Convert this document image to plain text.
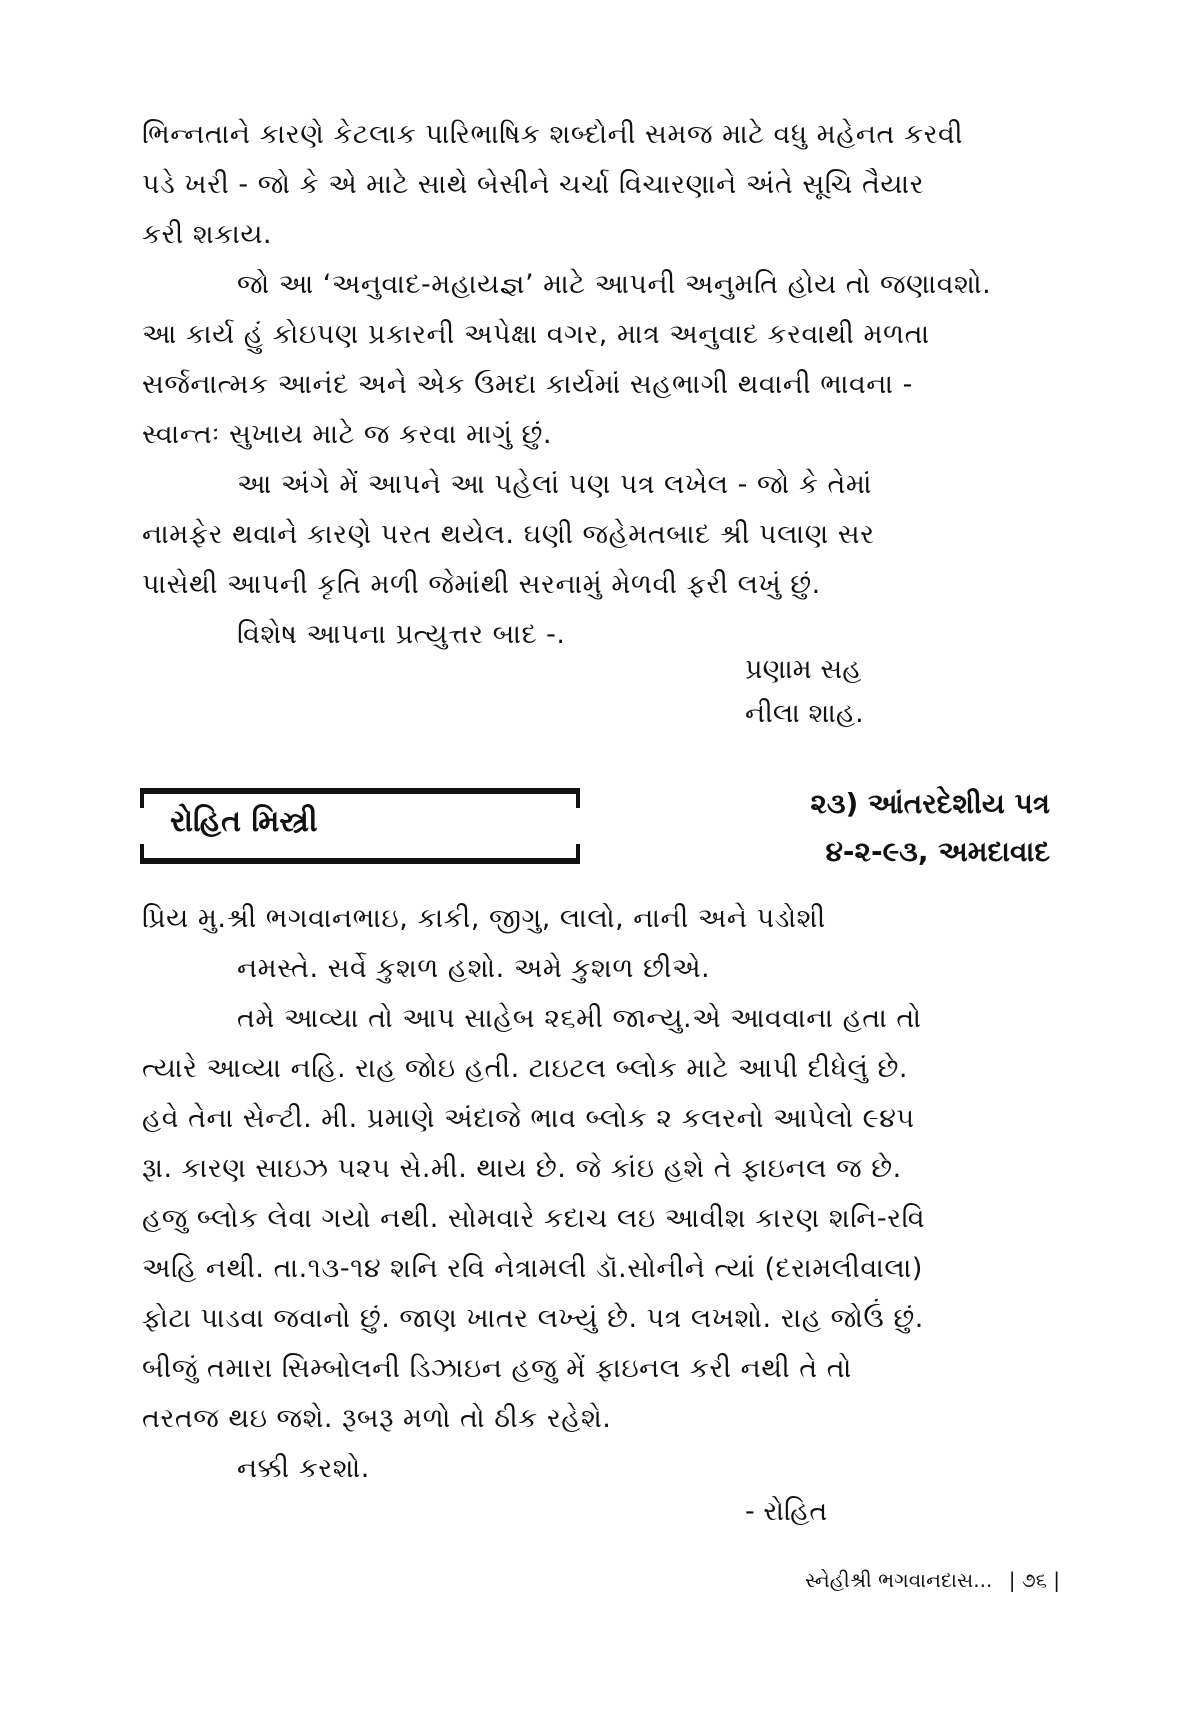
ભિન્નતાને કારણે કેટલાક પારિભાષિક શબ્દોની સમજ માટે વધુ મહેનત કરવી
પડે ખરી - જો કે એ માટે સાથે બેસીને ચર્ચા વિચારણાને અંતે સૂચિ તૈયાર
કરી શકાય.
જો આ ‘અનુવાદ-મહાયજ્ઞ’ માટે આપની અનુમતિ હોય તો જણાવશો.
આ કાર્ય હું કોઇપણ પ્રકારની અપેક્ષા વગર, માત્ર અનુવાદ કરવાથી મળતા
સર્જનાત્મક આનંદ અને એક ઉમદા કાર્યમાં સહભાગી થવાની ભાવના -
સ્વાન્તઃ સુખાય માટે જ કરવા માગું છું.
આ અંગે મેં આપને આ પહેલાં પણ પત્ર લખેલ - જો કે તેમાં
નામફેર થવાને કારણે પરત થયેલ. ઘણી જહેમતબાદ શ્રી પલાણ સર
પાસેથી આપની કૃતિ મળી જેમાંથી સરનામું મેળવી ફરી લખું છું.
વિશેષ આપના પ્રત્યુત્તર બાદ -.
પ્રણામ સહ
નીલા શાહ.
રોહિત મિસ્ત્રી
૨૩) આંતરદેશીય પત્ર
૪-૨-૯૩, અમદાવાદ
પ્રિય મુ.શ્રી ભગવાનભાઇ, કાકી, જીગુ, લાલો, નાની અને પડોશી
નમસ્તે. સર્વે કુશળ હશો. અમે કુશળ છીએ.
તમે આવ્યા તો આપ સાહેબ ૨૬મી જાન્યુ.એ આવવાના હતા તો
ત્યારે આવ્યા નહિ. રાહ જોઇ હતી. ટાઇટલ બ્લોક માટે આપી દીધેલું છે.
હવે તેના સેન્ટી. મી. પ્રમાણે અંદાજે ભાવ બ્લોક ૨ કલરનો આપેલો ૯૪૫
રૂા. કારણ સાઇઝ ૫૨૫ સે.મી. થાય છે. જે કાંઇ હશે તે ફાઇનલ જ છે.
હજુ બ્લોક લેવા ગયો નથી. સોમવારે કદાચ લઇ આવીશ કારણ શનિ-રવિ
અહિ નથી. તા.૧૩-૧૪ શનિ રવિ નેત્રામલી ડૉ.સોનીને ત્યાં (દરામલીવાલા)
ફોટા પાડવા જવાનો છું. જાણ ખાતર લખ્યું છે. પત્ર લખશો. રાહ જોઉં છું.
બીજું તમારા સિમ્બોલની ડિઝાઇન હજુ મેં ફાઇનલ કરી નથી તે તો
તરતજ થઇ જશે. રૂબરૂ મળો તો ઠીક રહેશે.
નક્કી કરશો.
- રોહિત
સ્નેહીશ્રી ભગવાનદાસ... | ૭૬ |
